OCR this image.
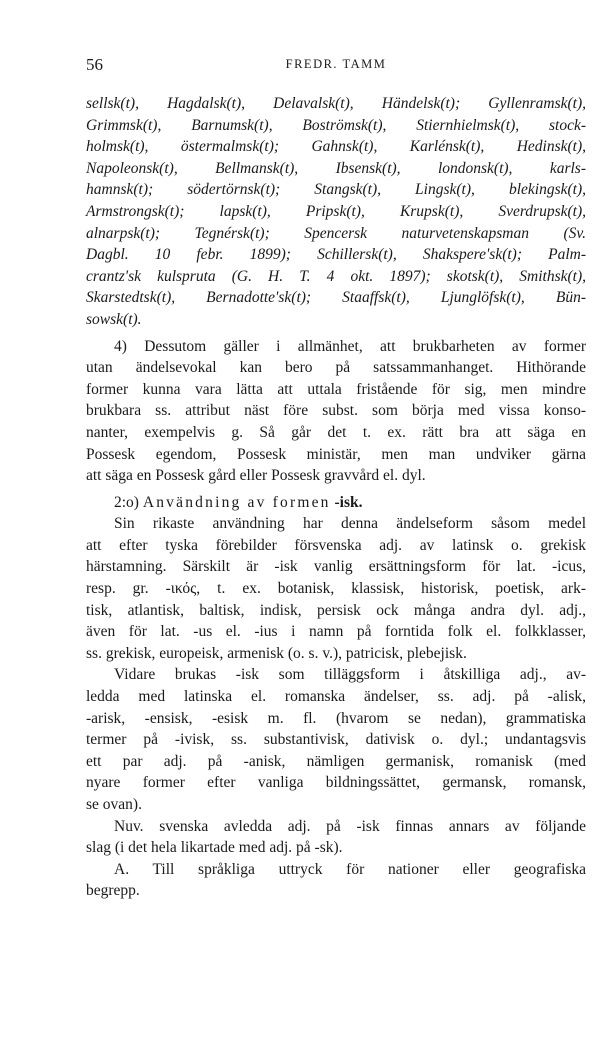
56	FREDR. TAMM
sellsk(t), Hagdalsk(t), Delavalsk(t), Händelsk(t); Gyllenramsk(t),
Grimmsk(t), Barnumsk(t), Boströmsk(t), Stiernhielmsk(t), stock-
holmsk(t), östermalmsk(t); Gahnsk(t), Karlénsk(t), Hedinsk(t),
Napoleonsk(t), Bellmansk(t), Ibsensk(t), londonsk(t), karls-
hamnsk(t); södertörnsk(t); Stangsk(t), Lingsk(t), blekingsk(t),
Armstrongsk(t); lapsk(t), Pripsk(t), Krupsk(t), Sverdrupsk(t),
alnarpsk(t); Tegnérsk(t); Spencersk naturvetenskapsman (Sv.
Dagbl. 10 febr. 1899); Schillersk(t), Shakspere'sk(t); Palm-
crantz'sk kulspruta (G. H. T. 4 okt. 1897); skotsk(t), Smithsk(t),
Skarstedtsk(t), Bernadotte'sk(t); Staaffsk(t), Ljunglöfsk(t), Bün-
sowsk(t).
4) Dessutom gäller i allmänhet, att brukbarheten av former
utan ändelsevokal kan bero på satssammanhanget. Hithörande
former kunna vara lätta att uttala fristående för sig, men mindre
brukbara ss. attribut näst före subst. som börja med vissa konso-
nanter, exempelvis g. Så går det t. ex. rätt bra att säga en
Possesk egendom, Possesk ministär, men man undviker gärna
att säga en Possesk gård eller Possesk gravvård el. dyl.
2:o) Användning av formen -isk.
Sin rikaste användning har denna ändelseform såsom medel
att efter tyska förebilder försvenska adj. av latinsk o. grekisk
härstamning. Särskilt är -isk vanlig ersättningsform för lat. -icus,
resp. gr. -ικός, t. ex. botanisk, klassisk, historisk, poetisk, ark-
tisk, atlantisk, baltisk, indisk, persisk ock många andra dyl. adj.,
även för lat. -us el. -ius i namn på forntida folk el. folkklasser,
ss. grekisk, europeisk, armenisk (o. s. v.), patricisk, plebejisk.
Vidare brukas -isk som tilläggsform i åtskilliga adj., av-
ledda med latinska el. romanska ändelser, ss. adj. på -alisk,
-arisk, -ensisk, -esisk m. fl. (hvarom se nedan), grammatiska
termer på -ivisk, ss. substantivisk, dativisk o. dyl.; undantagsvis
ett par adj. på -anisk, nämligen germanisk, romanisk (med
nyare former efter vanliga bildningssättet, germansk, romansk,
se ovan).
Nuv. svenska avledda adj. på -isk finnas annars av följande
slag (i det hela likartade med adj. på -sk).
A. Till språkliga uttryck för nationer eller geografiska
begrepp.
